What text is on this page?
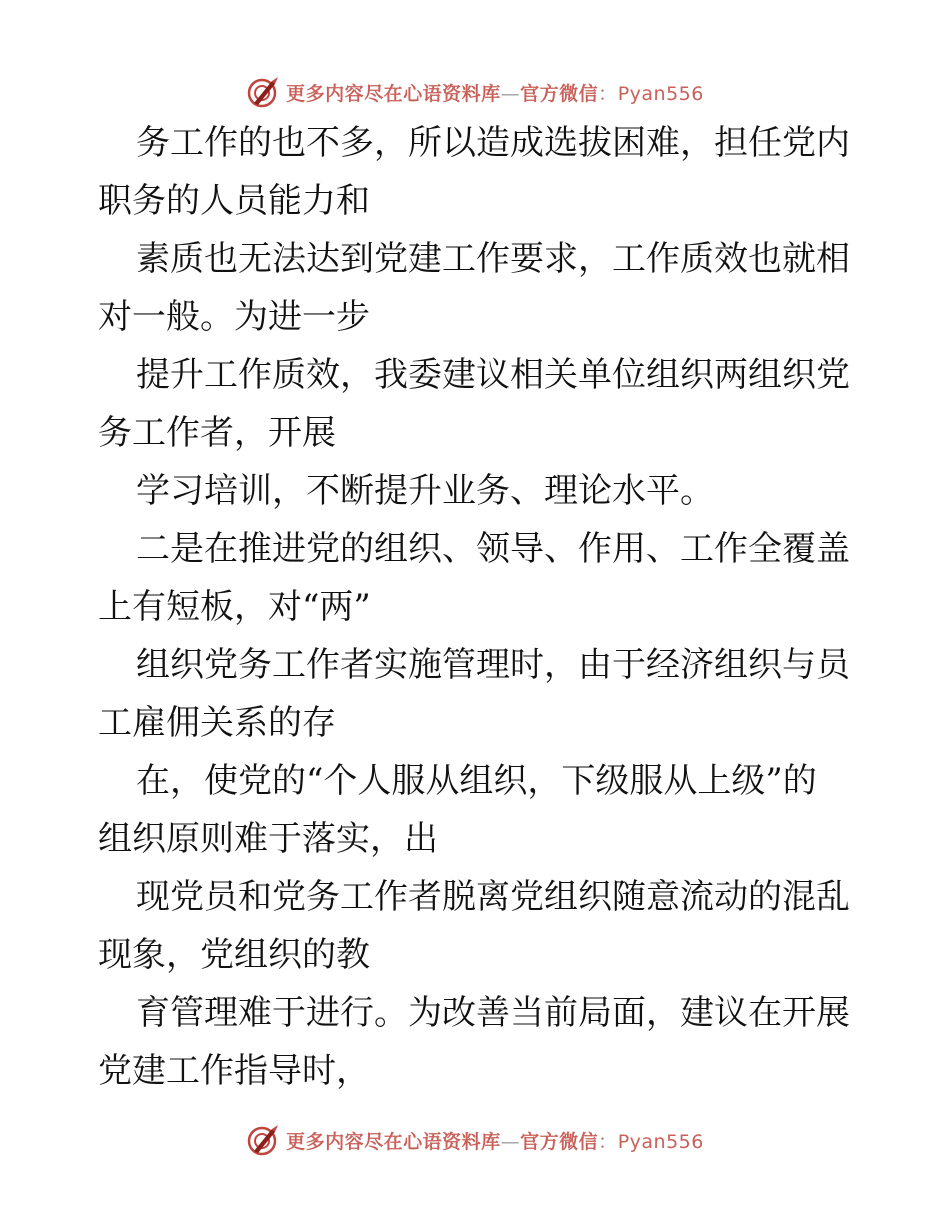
更多内容尽在心语资料库—官方微信：Pyan556
务工作的也不多，所以造成选拔困难，担任党内
职务的人员能力和
素质也无法达到党建工作要求，工作质效也就相
对一般。为进一步
提升工作质效，我委建议相关单位组织两组织党
务工作者，开展
学习培训，不断提升业务、理论水平。
二是在推进党的组织、领导、作用、工作全覆盖
上有短板，对“两”
组织党务工作者实施管理时，由于经济组织与员
工雇佣关系的存
在，使党的“个人服从组织，下级服从上级”的
组织原则难于落实，出
现党员和党务工作者脱离党组织随意流动的混乱
现象，党组织的教
育管理难于进行。为改善当前局面，建议在开展
党建工作指导时，
更多内容尽在心语资料库—官方微信：Pyan556
